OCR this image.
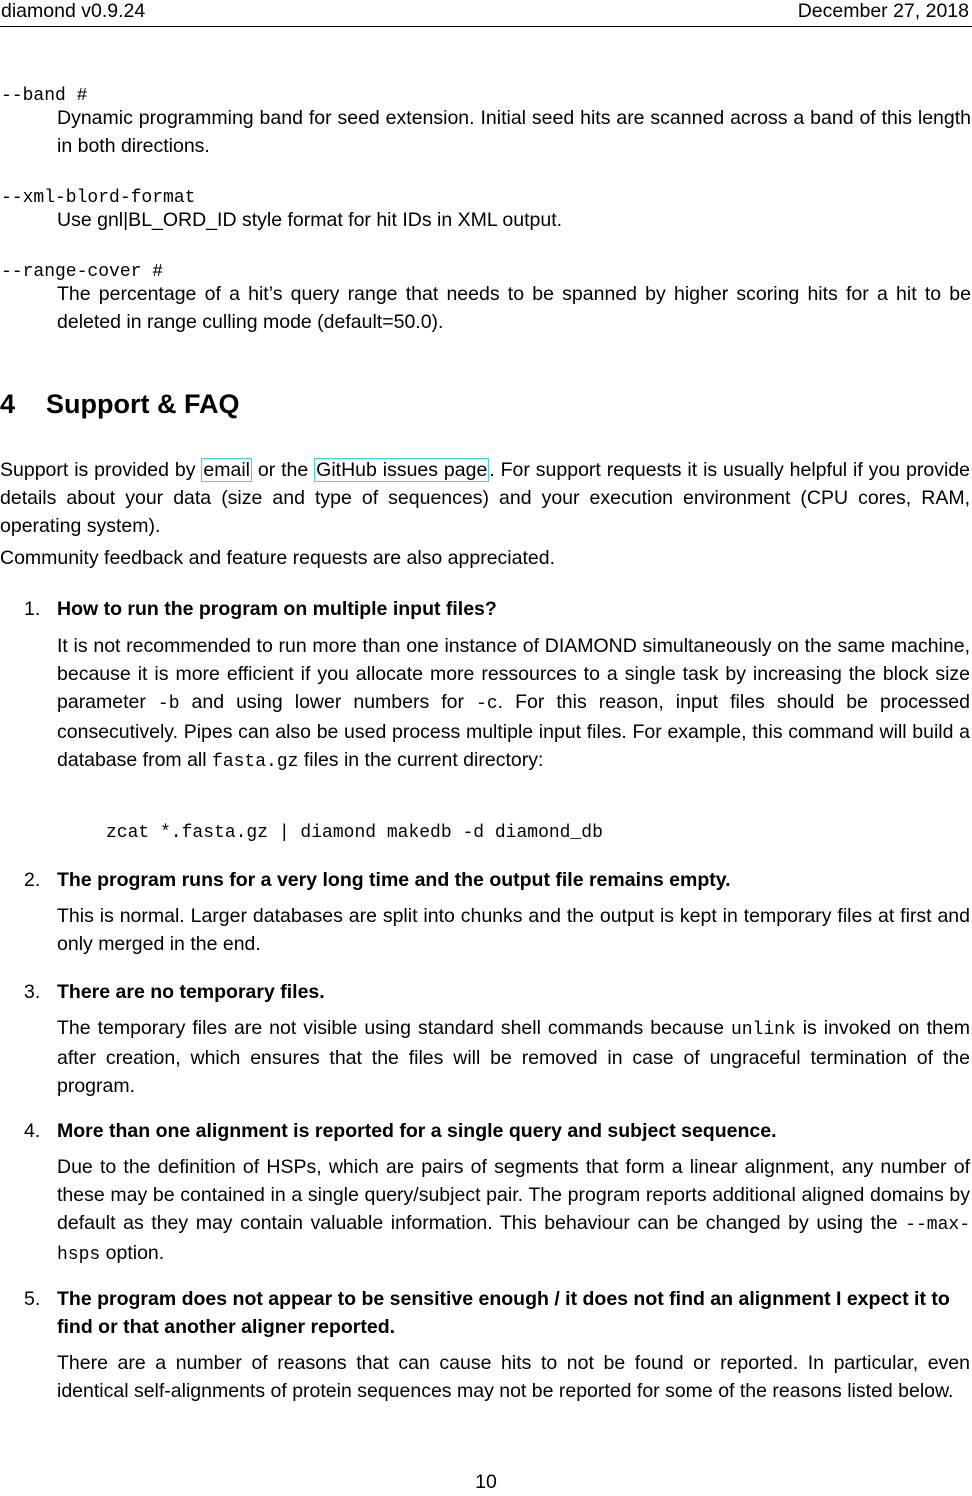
diamond v0.9.24	December 27, 2018
--band #
Dynamic programming band for seed extension. Initial seed hits are scanned across a band of this length in both directions.
--xml-blord-format
Use gnl|BL_ORD_ID style format for hit IDs in XML output.
--range-cover #
The percentage of a hit’s query range that needs to be spanned by higher scoring hits for a hit to be deleted in range culling mode (default=50.0).
4 Support & FAQ
Support is provided by email or the GitHub issues page . For support requests it is usually helpful if you provide details about your data (size and type of sequences) and your execution environment (CPU cores, RAM, operating system).
Community feedback and feature requests are also appreciated.
1. How to run the program on multiple input files?
It is not recommended to run more than one instance of DIAMOND simultaneously on the same machine, because it is more efficient if you allocate more ressources to a single task by increasing the block size parameter -b and using lower numbers for -c. For this reason, input files should be processed consecutively. Pipes can also be used process multiple input files. For example, this command will build a database from all fasta.gz files in the current directory:
zcat *.fasta.gz | diamond makedb -d diamond_db
2. The program runs for a very long time and the output file remains empty.
This is normal. Larger databases are split into chunks and the output is kept in temporary files at first and only merged in the end.
3. There are no temporary files.
The temporary files are not visible using standard shell commands because unlink is invoked on them after creation, which ensures that the files will be removed in case of ungraceful termination of the program.
4. More than one alignment is reported for a single query and subject sequence.
Due to the definition of HSPs, which are pairs of segments that form a linear alignment, any number of these may be contained in a single query/subject pair. The program reports additional aligned domains by default as they may contain valuable information. This behaviour can be changed by using the --max-hsps option.
5. The program does not appear to be sensitive enough / it does not find an alignment I expect it to find or that another aligner reported.
There are a number of reasons that can cause hits to not be found or reported. In particular, even identical self-alignments of protein sequences may not be reported for some of the reasons listed below.
10
